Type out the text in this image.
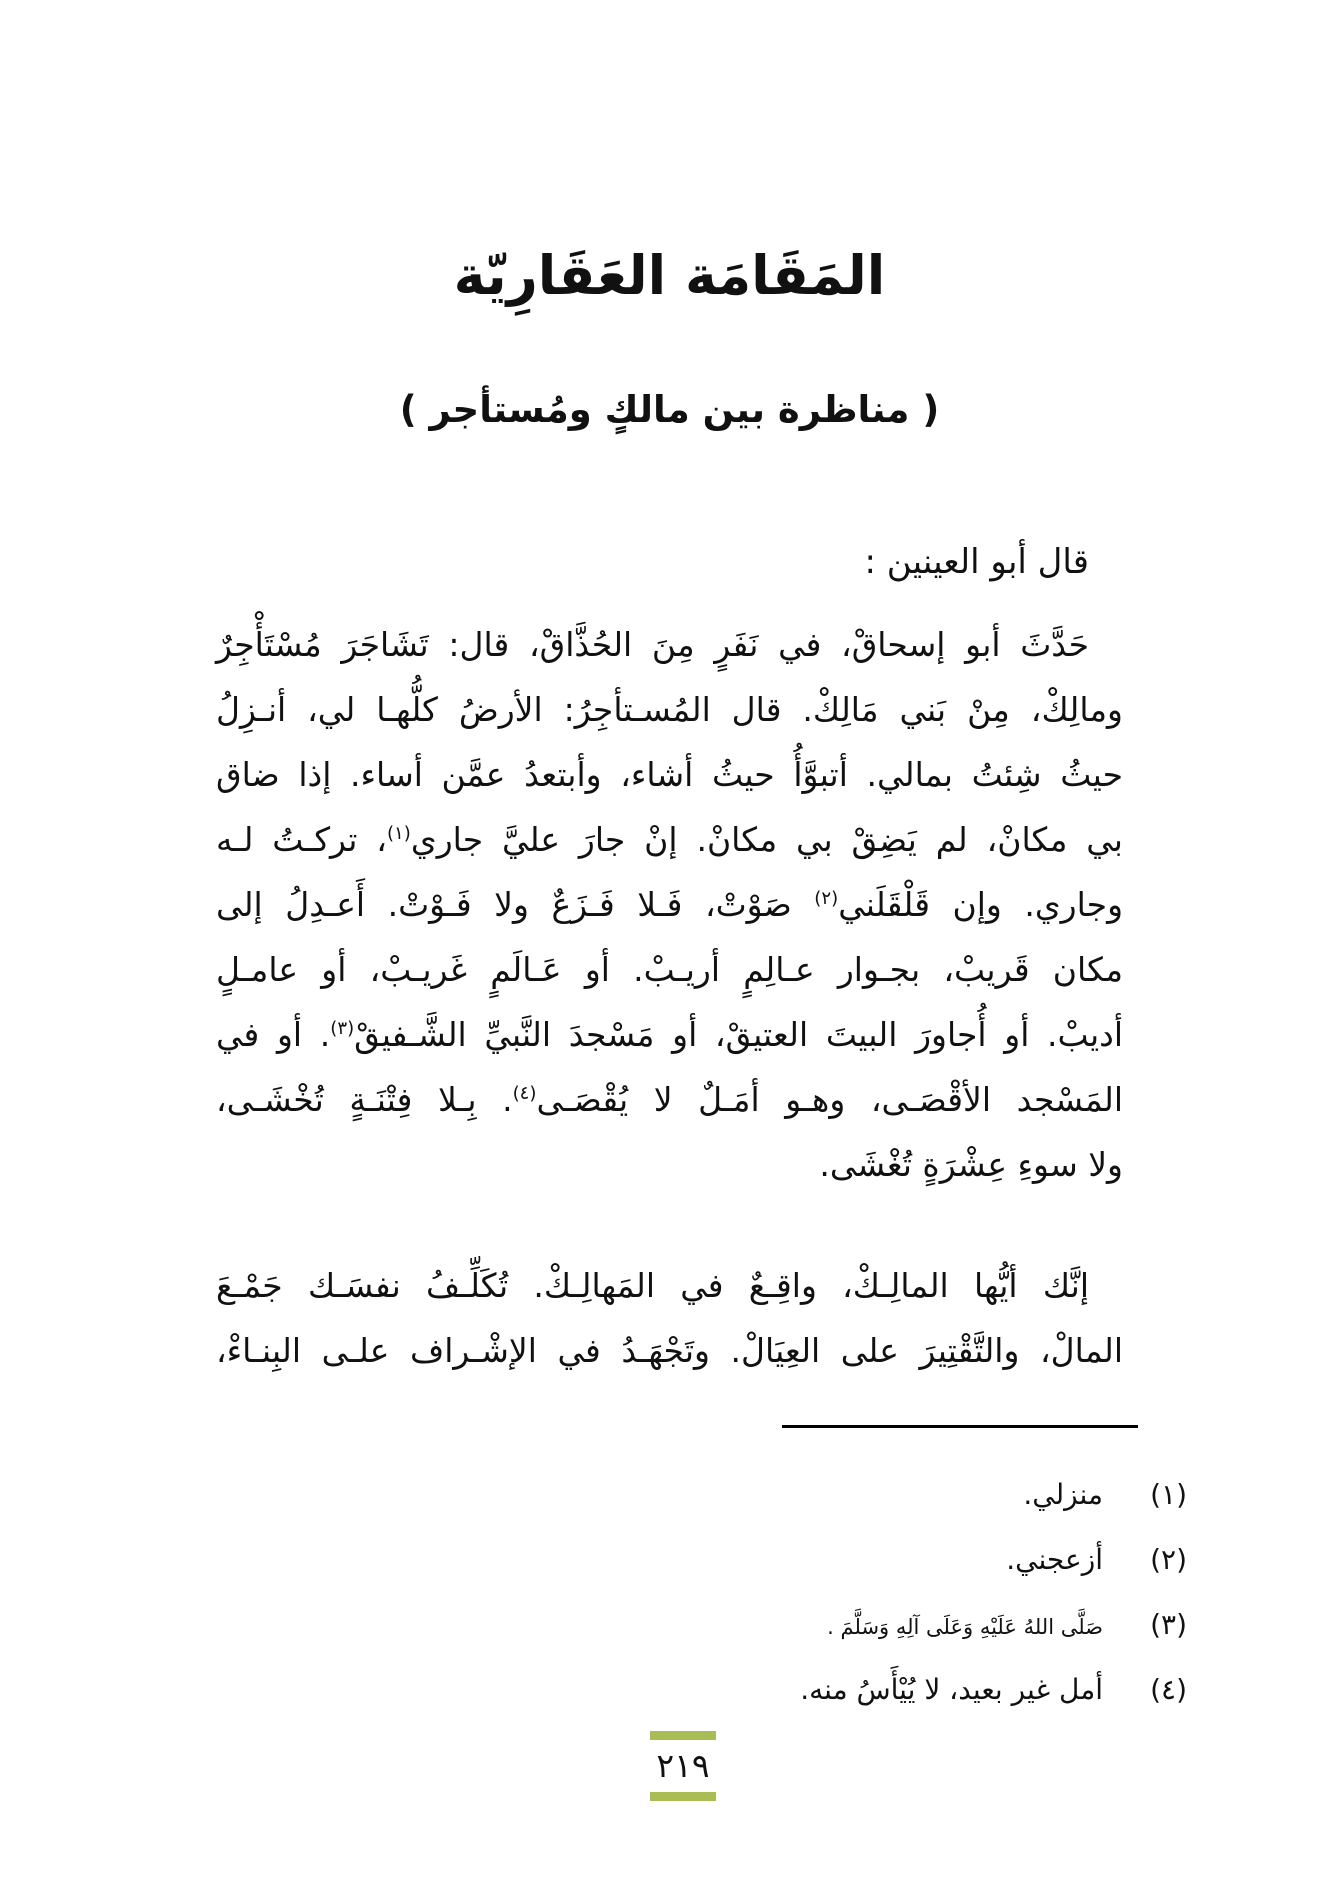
المَقَامَة العَقَارِيّة
( مناظرة بين مالكٍ ومُستأجر )
قال أبو العينين :
حَدَّثَ أبو إسحاقْ، في نَفَرٍ مِنَ الحُذَّاقْ، قال: تَشَاجَرَ مُسْتَأْجِرٌ
ومالِكْ، مِنْ بَني مَالِكْ. قال المُسـتأجِرُ: الأرضُ كلُّهـا لي، أنـزِلُ
حيثُ شِئتُ بمالي. أتبوَّأُ حيثُ أشاء، وأبتعدُ عمَّن أساء. إذا ضاق
بي مكانْ، لم يَضِقْ بي مكانْ. إنْ جارَ عليَّ جاري$^{(١)}$، تركـتُ لـه
وجاري. وإن قَلْقَلَني$^{(٢)}$ صَوْتْ، فَـلا فَـزَعٌ ولا فَـوْتْ. أَعـدِلُ إلى
مكان قَريبْ، بجـوار عـالِمٍ أريـبْ. أو عَـالَمٍ غَريـبْ، أو عامـلٍ
أديبْ. أو أُجاورَ البيتَ العتيقْ، أو مَسْجدَ النَّبيِّ الشَّـفيقْ$^{(٣)}$. أو في
المَسْجد الأقْصَـى، وهـو أمَـلٌ لا يُقْصَـى$^{(٤)}$. بِـلا فِتْنَـةٍ تُخْشَـى،
ولا سوءِ عِشْرَةٍ تُغْشَى.
إنَّك أيُّها المالِـكْ، واقِـعٌ في المَهالِـكْ. تُكَلِّـفُ نفسَـك جَمْـعَ
المالْ، والتَّقْتِيرَ على العِيَالْ. وتَجْهَـدُ في الإشْـراف علـى البِنـاءْ،
(١)
منزلي.
(٢)
أزعجني.
(٣)
صَلَّى اللهُ عَلَيْهِ وَعَلَى آلِهِ وَسَلَّمَ .
(٤)
أمل غير بعيد، لا يُيْأَسُ منه.
٢١٩
